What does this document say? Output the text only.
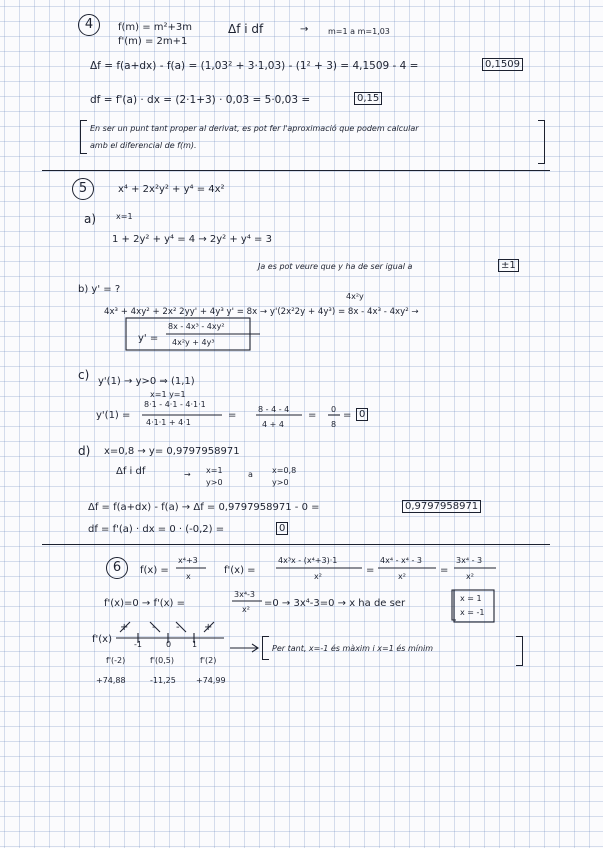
4	f(m) = m²+3m
f'(m) = 2m+1
Δf i df	→ m=1 a m=1,03
Δf = f(a+dx) - f(a) = (1,03² + 3·1,03) - (1² + 3) = 4,1509 - 4 =	0,1509
df = f'(a) · dx = (2·1+3) · 0,03 = 5·0,03 =	0,15
En ser un punt tant proper al derivat, es pot fer l'aproximació que podem calcular
amb el diferencial de f(m).
5	x⁴ + 2x²y² + y⁴ = 4x²
a) x=1
1 + 2y² + y⁴ = 4 → 2y² + y⁴ = 3
Ja es pot veure que y ha de ser igual a	±1
b) y' = ?
4x²y
4x³ + 4xy² + 2x² 2yy' + 4y³ y' = 8x → y'(2x²2y + 4y³) = 8x - 4x³ - 4xy² →
y' =
8x - 4x³ - 4xy²
4x²y + 4y³
c) y'(1) → y>0 ⇒ (1,1)
x=1 y=1
y'(1) =
8·1 - 4·1 - 4·1·1
4·1·1 + 4·1
=
8 - 4 - 4
4 + 4
=
0
8
= 0
d) x=0,8 → y= 0,9797958971
Δf i df	→ x=1
y>0
a x=0,8
y>0
Δf = f(a+dx) - f(a) → Δf = 0,9797958971 - 0 =	0,9797958971
df = f'(a) · dx = 0 · (-0,2) =	0
6	f(x) =
x⁴+3
x
f'(x) =
4x³x - (x⁴+3)·1
x²
=
4x⁴ - x⁴ - 3
x²
=
3x⁴ - 3
x²
f'(x)=0 → f'(x) =
3x⁴-3
x²
=0 → 3x⁴-3=0 → x ha de ser	x = 1
x = -1
f'(x)
+ - - +
-1	0	1
f'(-2)	f'(0,5)	f'(2)
+74,88	-11,25	+74,99
Per tant, x=-1 és màxim i x=1 és mínim
